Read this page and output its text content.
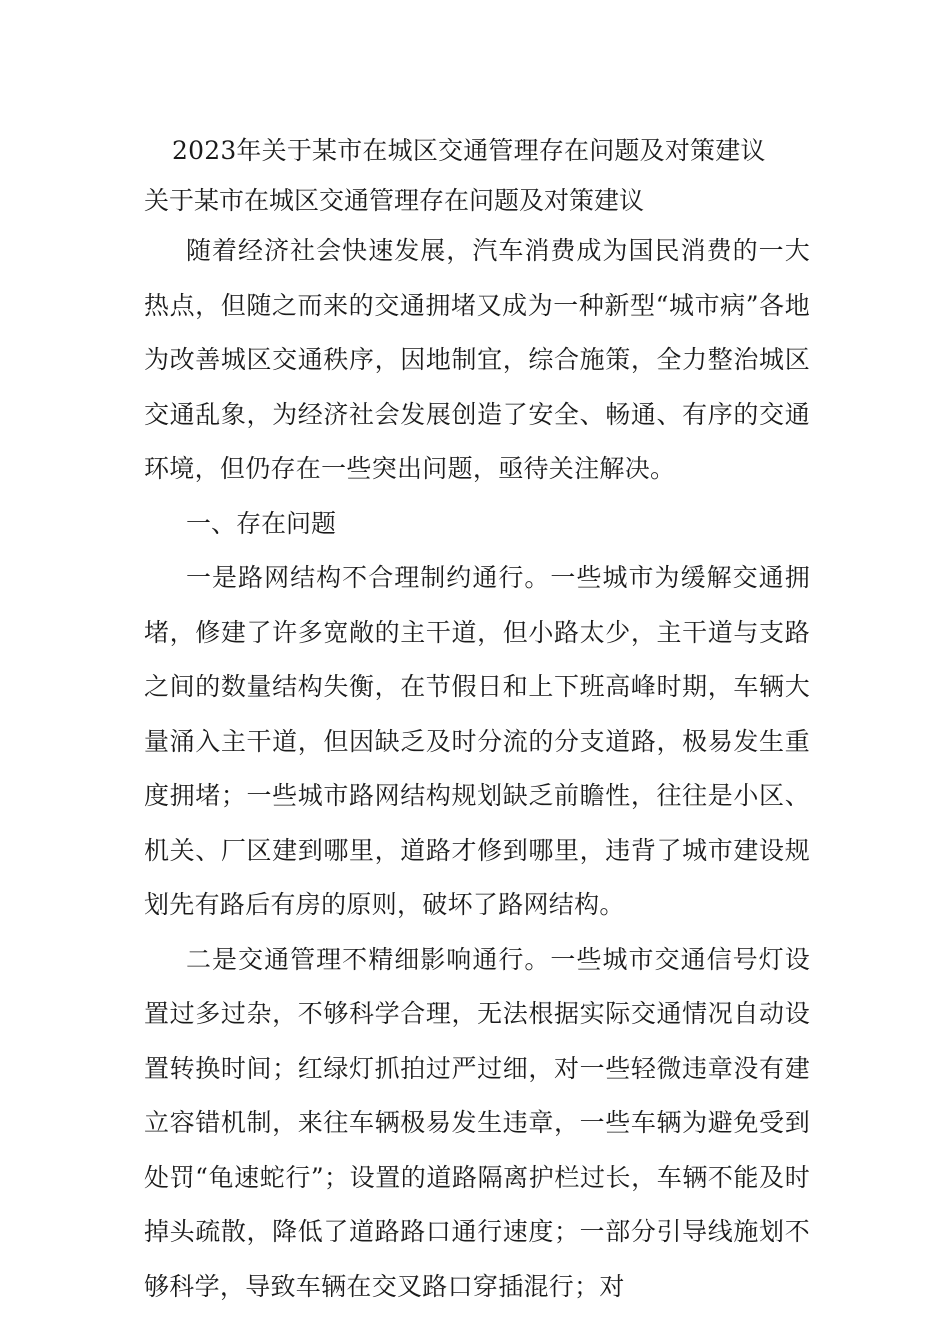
2023年关于某市在城区交通管理存在问题及对策建议
关于某市在城区交通管理存在问题及对策建议

随着经济社会快速发展，汽车消费成为国民消费的一大热点，但随之而来的交通拥堵又成为一种新型“城市病”各地为改善城区交通秩序，因地制宜，综合施策，全力整治城区交通乱象，为经济社会发展创造了安全、畅通、有序的交通环境，但仍存在一些突出问题，亟待关注解决。

一、存在问题

一是路网结构不合理制约通行。一些城市为缓解交通拥堵，修建了许多宽敞的主干道，但小路太少，主干道与支路之间的数量结构失衡，在节假日和上下班高峰时期，车辆大量涌入主干道，但因缺乏及时分流的分支道路，极易发生重度拥堵；一些城市路网结构规划缺乏前瞻性，往往是小区、机关、厂区建到哪里，道路才修到哪里，违背了城市建设规划先有路后有房的原则，破坏了路网结构。

二是交通管理不精细影响通行。一些城市交通信号灯设置过多过杂，不够科学合理，无法根据实际交通情况自动设置转换时间；红绿灯抓拍过严过细，对一些轻微违章没有建立容错机制，来往车辆极易发生违章，一些车辆为避免受到处罚“龟速蛇行”；设置的道路隔离护栏过长，车辆不能及时掉头疏散，降低了道路路口通行速度；一部分引导线施划不够科学，导致车辆在交叉路口穿插混行；对
